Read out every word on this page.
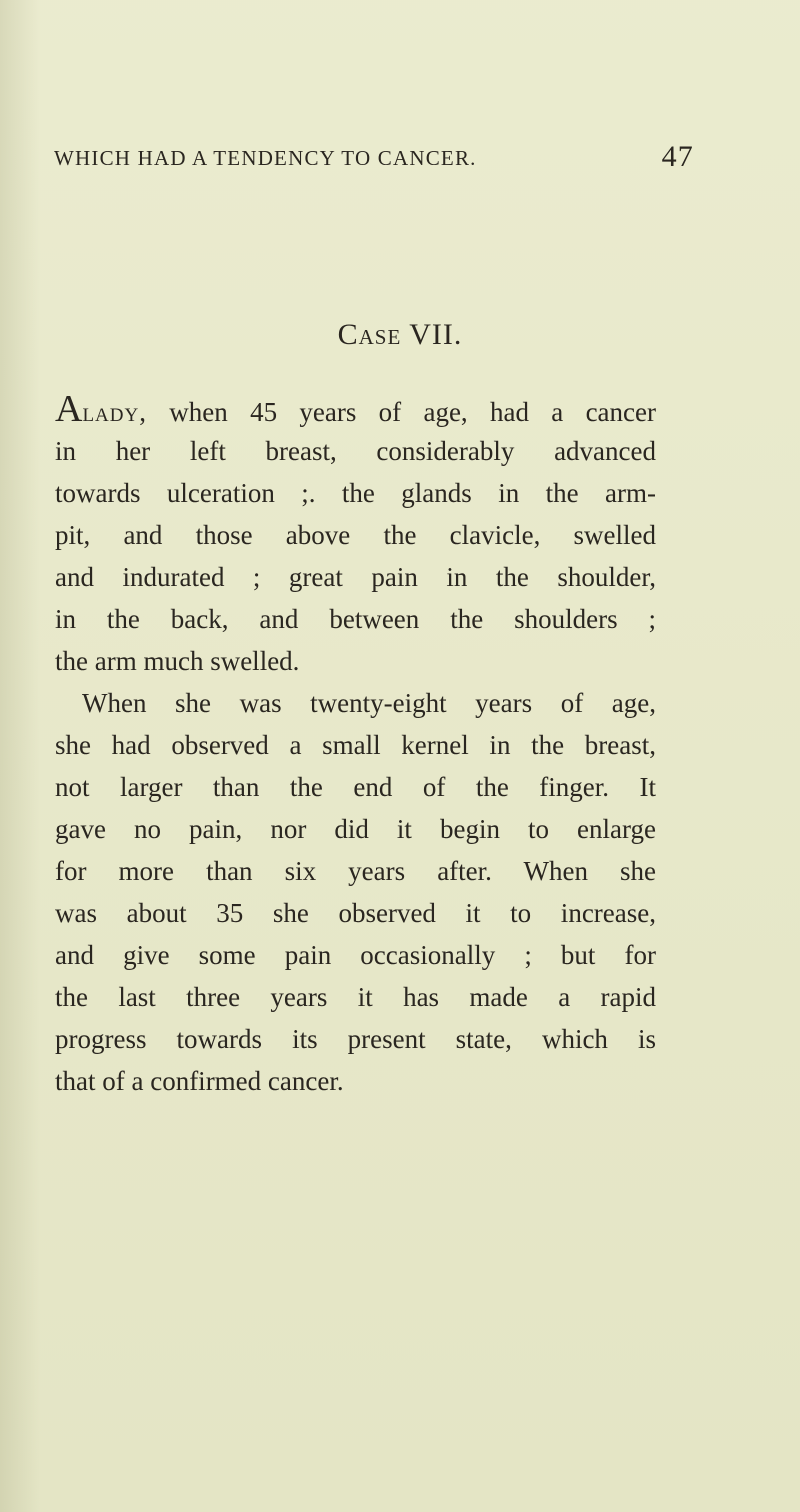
WHICH HAD A TENDENCY TO CANCER.	47
Case VII.
Alady, when 45 years of age, had a cancer
in her left breast, considerably advanced
towards ulceration ;. the glands in the arm-
pit, and those above the clavicle, swelled
and indurated ; great pain in the shoulder,
in the back, and between the shoulders ;
the arm much swelled.
When she was twenty-eight years of age,
she had observed a small kernel in the breast,
not larger than the end of the finger. It
gave no pain, nor did it begin to enlarge
for more than six years after. When she
was about 35 she observed it to increase,
and give some pain occasionally ; but for
the last three years it has made a rapid
progress towards its present state, which is
that of a confirmed cancer.
